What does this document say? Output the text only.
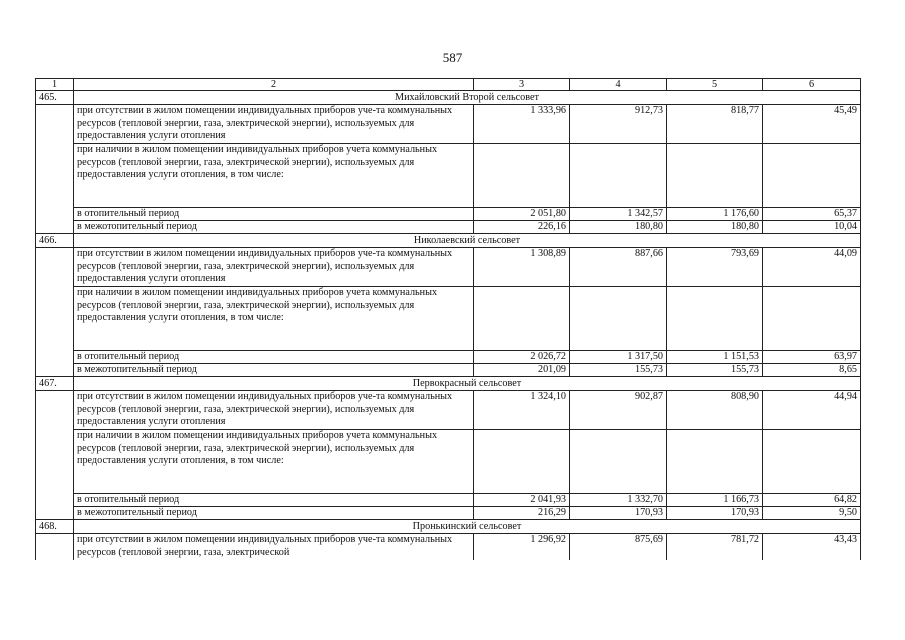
587
1	2	3	4	5	6
465.	Михайловский Второй сельсовет				
	при отсутствии в жилом помещении индивидуальных приборов уче-та коммунальных ресурсов (тепловой энергии, газа, электрической энергии), используемых для предоставления услуги отопления	1 333,96	912,73	818,77	45,49
	при наличии в жилом помещении индивидуальных приборов учета коммунальных ресурсов (тепловой энергии, газа, электрической энергии), используемых для предоставления услуги отопления, в том числе:				
	в отопительный период	2 051,80	1 342,57	1 176,60	65,37
	в межотопительный период	226,16	180,80	180,80	10,04
466.	Николаевский сельсовет				
	при отсутствии в жилом помещении индивидуальных приборов уче-та коммунальных ресурсов (тепловой энергии, газа, электрической энергии), используемых для предоставления услуги отопления	1 308,89	887,66	793,69	44,09
	при наличии в жилом помещении индивидуальных приборов учета коммунальных ресурсов (тепловой энергии, газа, электрической энергии), используемых для предоставления услуги отопления, в том числе:				
	в отопительный период	2 026,72	1 317,50	1 151,53	63,97
	в межотопительный период	201,09	155,73	155,73	8,65
467.	Первокрасный сельсовет				
	при отсутствии в жилом помещении индивидуальных приборов уче-та коммунальных ресурсов (тепловой энергии, газа, электрической энергии), используемых для предоставления услуги отопления	1 324,10	902,87	808,90	44,94
	при наличии в жилом помещении индивидуальных приборов учета коммунальных ресурсов (тепловой энергии, газа, электрической энергии), используемых для предоставления услуги отопления, в том числе:				
	в отопительный период	2 041,93	1 332,70	1 166,73	64,82
	в межотопительный период	216,29	170,93	170,93	9,50
468.	Пронькинский сельсовет				
	при отсутствии в жилом помещении индивидуальных приборов уче-та коммунальных ресурсов (тепловой энергии, газа, электрической	1 296,92	875,69	781,72	43,43
